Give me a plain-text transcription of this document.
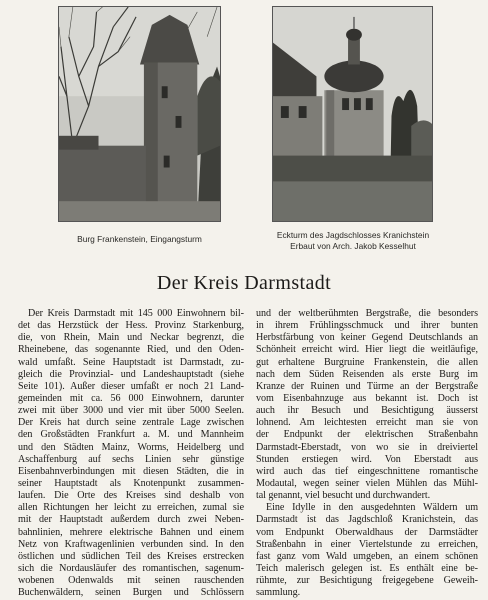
Burg Frankenstein, Eingangsturm	Eckturm des Jagdschlosses Kranichstein
Erbaut von Arch. Jakob Kesselhut
Der Kreis Darmstadt
Der Kreis Darmstadt mit 145 000 Einwohnern bil-
det das Herzstück der Hess. Provinz Starkenburg,
die, von Rhein, Main und Neckar begrenzt, die
Rheinebene, das sogenannte Ried, und den Oden-
wald umfaßt. Seine Hauptstadt ist Darmstadt, zu-
gleich die Provinzial- und Landeshauptstadt (siehe
Seite 101). Außer dieser umfaßt er noch 21 Land-
gemeinden mit ca. 56 000 Einwohnern, darunter
zwei mit über 3000 und vier mit über 5000 Seelen.
Der Kreis hat durch seine zentrale Lage zwischen
den Großstädten Frankfurt a. M. und Mannheim
und den Städten Mainz, Worms, Heidelberg und
Aschaffenburg auf sechs Linien sehr günstige
Eisenbahnverbindungen mit diesen Städten, die in
seiner Hauptstadt als Knotenpunkt zusammen-
laufen. Die Orte des Kreises sind deshalb von
allen Richtungen her leicht zu erreichen, zumal sie
mit der Hauptstadt außerdem durch zwei Neben-
bahnlinien, mehrere elektrische Bahnen und einem
Netz von Kraftwagenlinien verbunden sind. In den
östlichen und südlichen Teil des Kreises erstrecken
sich die Nordausläufer des romantischen, sagenum-
wobenen Odenwalds mit seinen rauschenden
Buchenwäldern, seinen Burgen und Schlössern
und der weltberühmten Bergstraße, die besonders
in ihrem Frühlingsschmuck und ihrer bunten
Herbstfärbung von keiner Gegend Deutschlands an
Schönheit erreicht wird. Hier liegt die weitläufige,
gut erhaltene Burgruine Frankenstein, die allen
nach dem Süden Reisenden als erste Burg im
Kranze der Ruinen und Türme an der Bergstraße
vom Eisenbahnzuge aus bekannt ist. Doch ist
auch ihr Besuch und Besichtigung äusserst
lohnend. Am leichtesten erreicht man sie von
der Endpunkt der elektrischen Straßenbahn
Darmstadt-Eberstadt, von wo sie in dreiviertel
Stunden erstiegen wird. Von Eberstadt aus
wird auch das tief eingeschnittene romantische
Modautal, wegen seiner vielen Mühlen das Mühl-
tal genannt, viel besucht und durchwandert.
Eine Idylle in den ausgedehnten Wäldern um
Darmstadt ist das Jagdschloß Kranichstein, das
vom Endpunkt Oberwaldhaus der Darmstädter
Straßenbahn in einer Viertelstunde zu erreichen,
fast ganz vom Wald umgeben, an einem schönen
Teich malerisch gelegen ist. Es enthält eine be-
rühmte, zur Besichtigung freigegebene Geweih-
sammlung.
